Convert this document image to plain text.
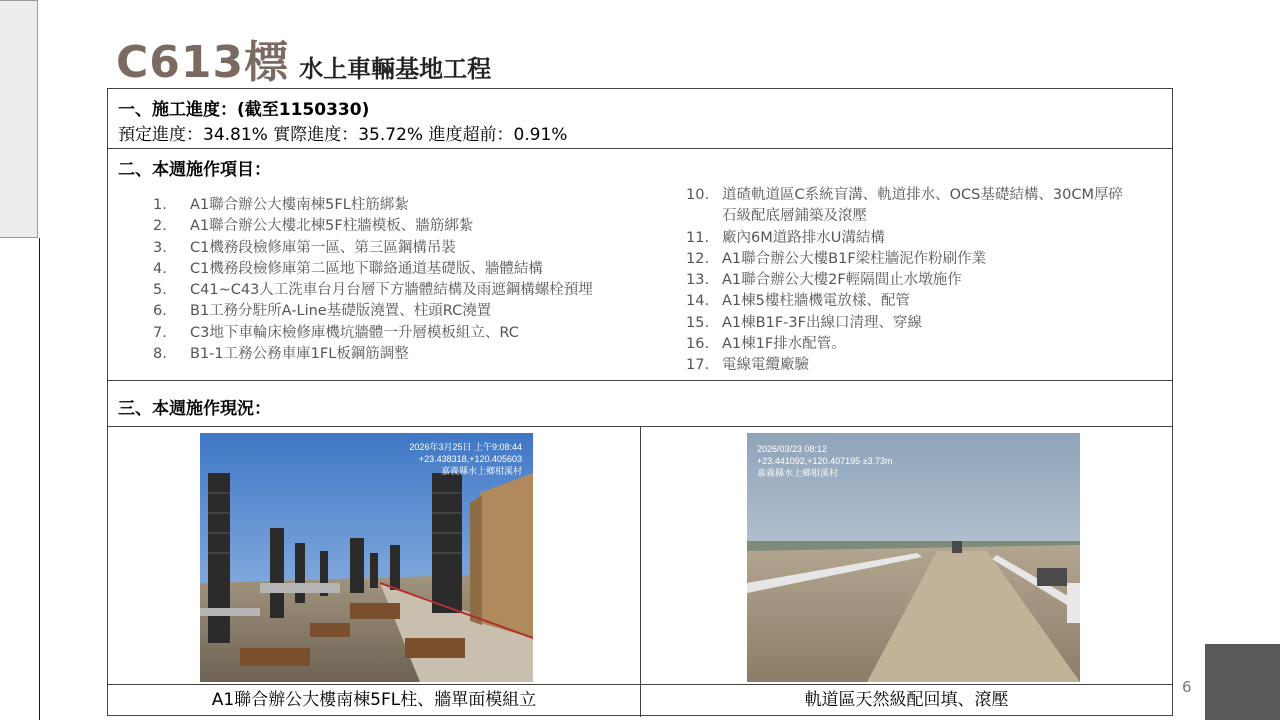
C613標 水上車輛基地工程
一、施工進度：(截至1150330)
預定進度：34.81% 實際進度：35.72% 進度超前：0.91%
二、本週施作項目：
1. A1聯合辦公大樓南棟5FL柱筋綁紮
2. A1聯合辦公大樓北棟5F柱牆模板、牆筋綁紮
3. C1機務段檢修庫第一區、第三區鋼構吊裝
4. C1機務段檢修庫第二區地下聯絡通道基礎版、牆體結構
5. C41~C43人工洗車台月台層下方牆體結構及雨遮鋼構螺栓預埋
6. B1工務分駐所A-Line基礎版澆置、柱頭RC澆置
7. C3地下車輪床檢修庫機坑牆體一升層模板組立、RC
8. B1-1工務公務車庫1FL板鋼筋調整
10. 道碴軌道區C系統盲溝、軌道排水、OCS基礎結構、30CM厚碎
石級配底層鋪築及滾壓
11. 廠內6M道路排水U溝結構
12. A1聯合辦公大樓B1F梁柱牆泥作粉刷作業
13. A1聯合辦公大樓2F輕隔間止水墩施作
14. A1棟5樓柱牆機電放樣、配管
15. A1棟B1F-3F出線口清理、穿線
16. A1棟1F排水配管。
17. 電線電纜廠驗
三、本週施作現況：
2026年3月25日 上午9:08:44
+23.438318,+120.405603
嘉義縣水上鄉柑溪村
2026/03/23 08:12
+23.441092,+120.407195 ±3.73m
嘉義縣水上鄉柑溪村
A1聯合辦公大樓南棟5FL柱、牆單面模組立	軌道區天然級配回填、滾壓
6
